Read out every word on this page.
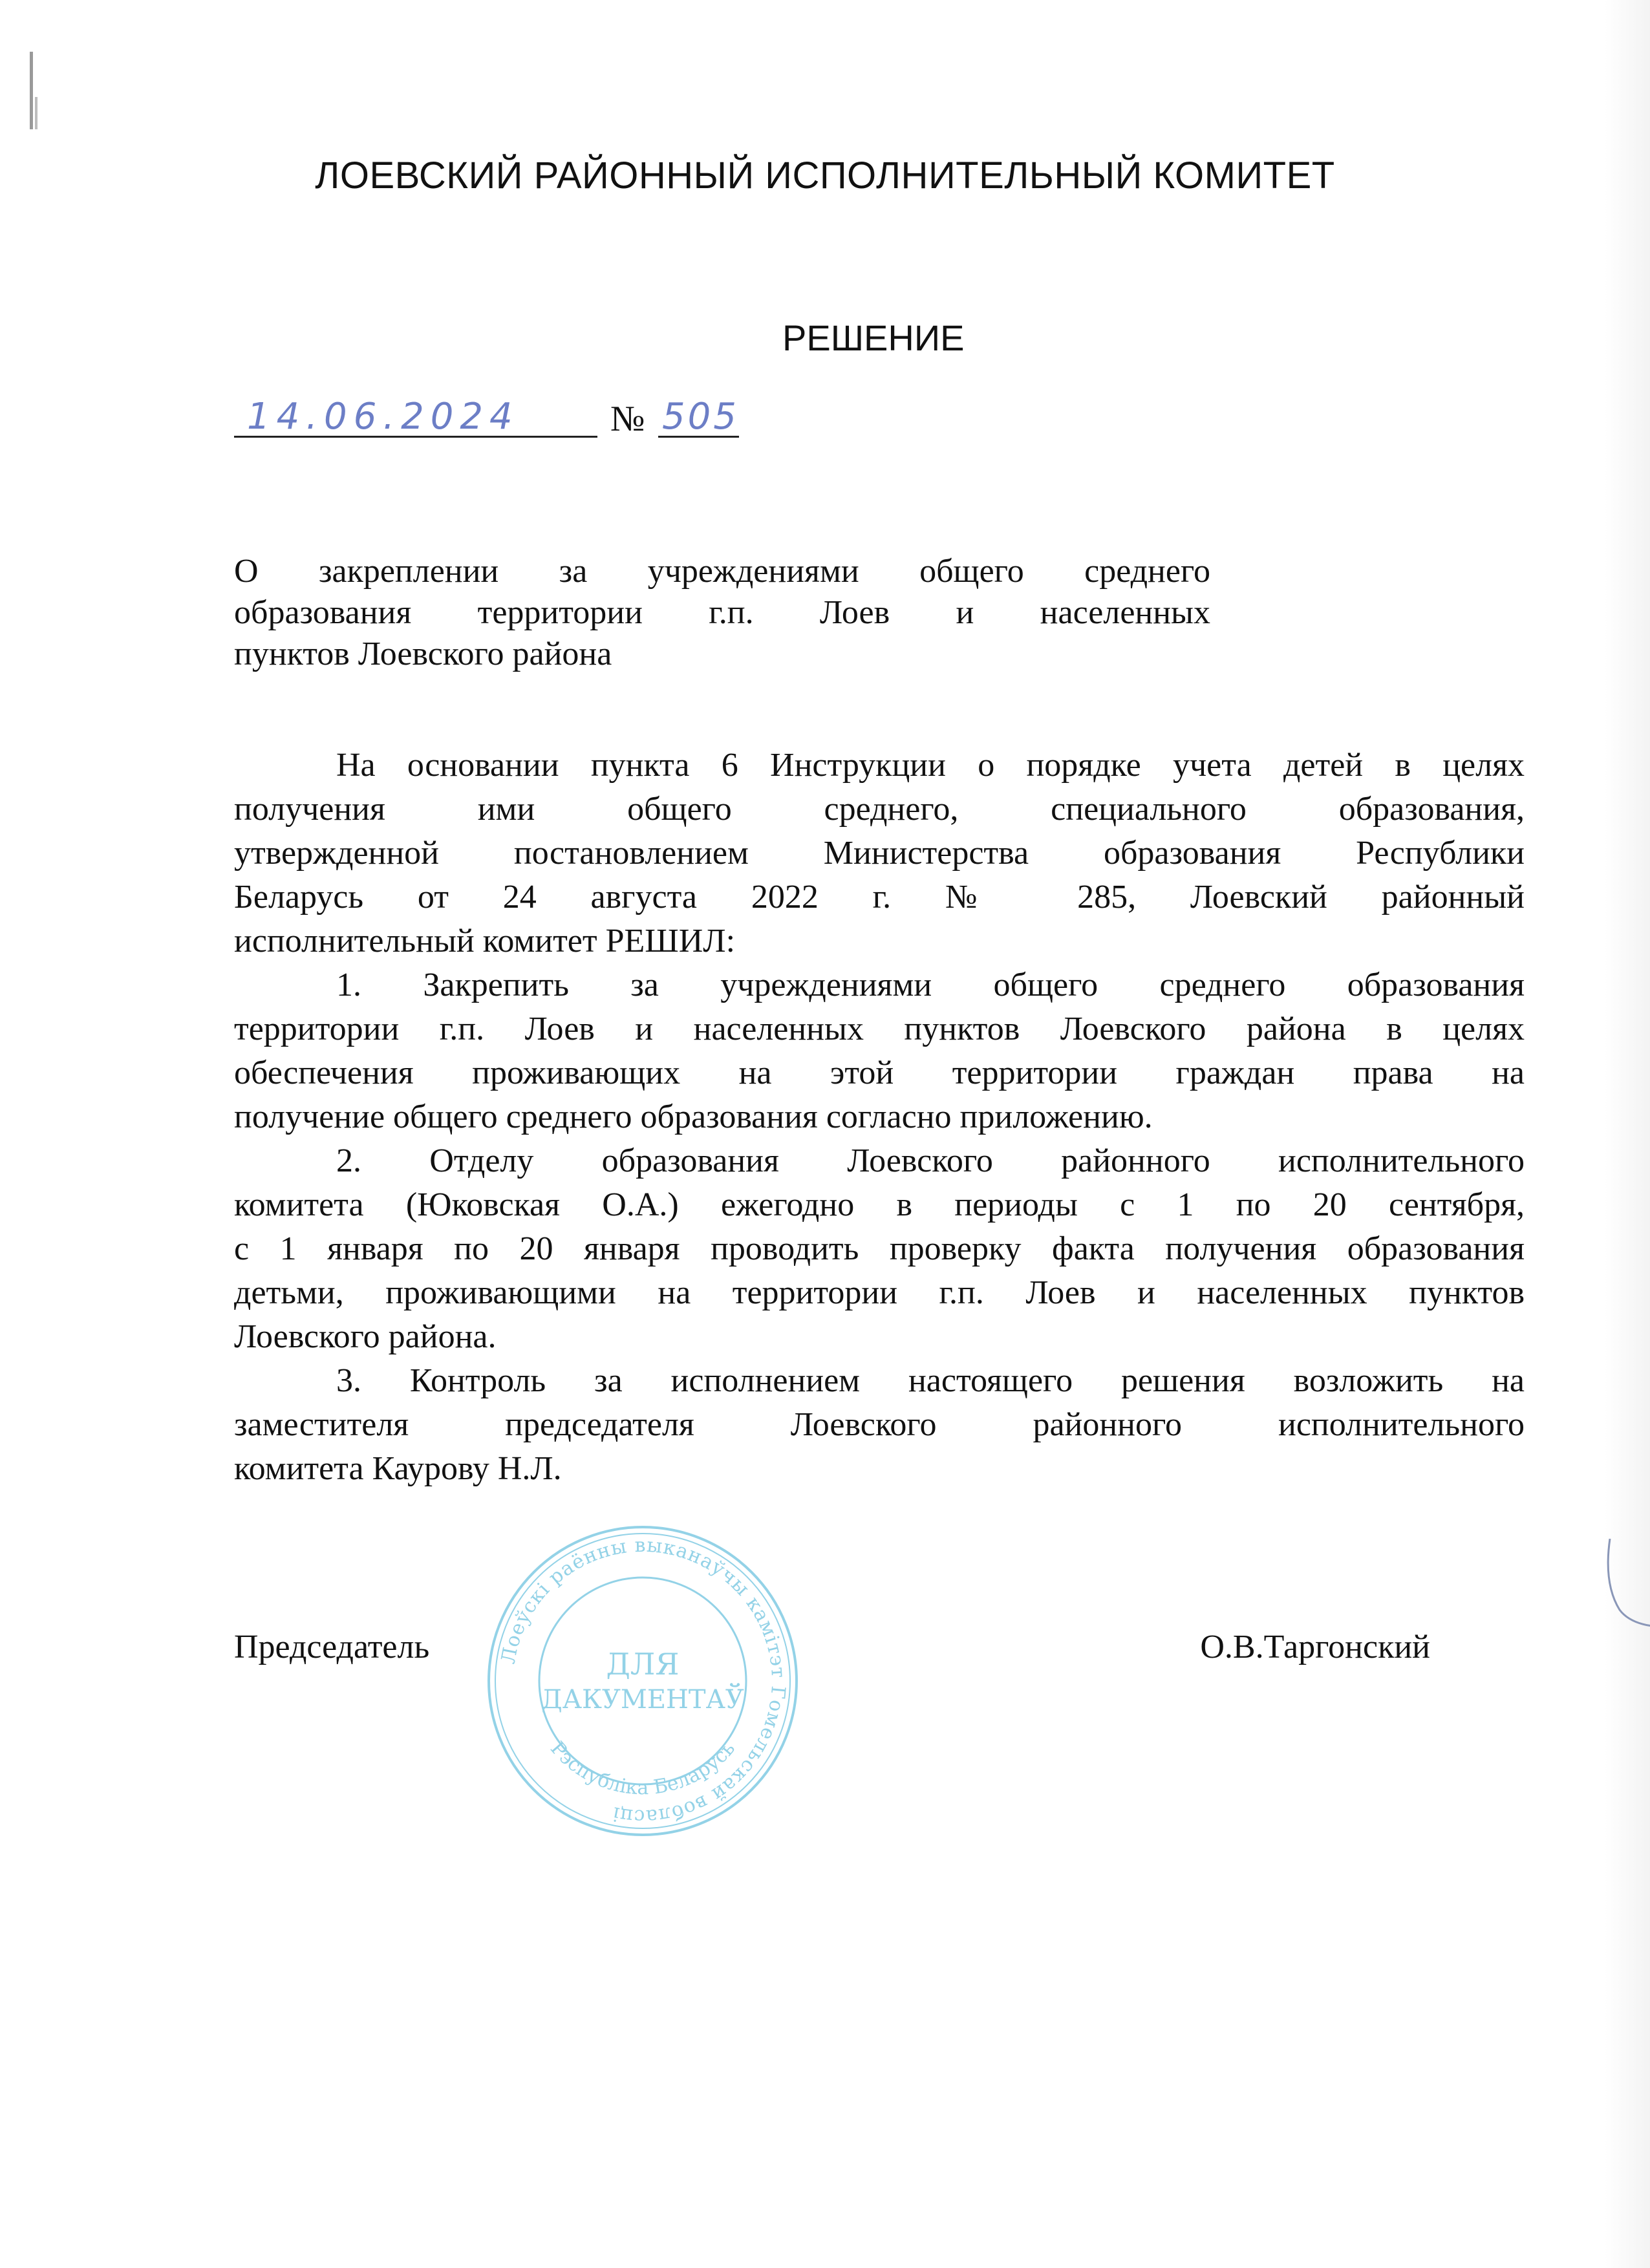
ЛОЕВСКИЙ РАЙОННЫЙ ИСПОЛНИТЕЛЬНЫЙ КОМИТЕТ
РЕШЕНИЕ
14.06.2024	№ 505
О закреплении за учреждениями общего среднего
образования территории г.п. Лоев и населенных
пунктов Лоевского района
На основании пункта 6 Инструкции о порядке учета детей в целях
получения ими общего среднего, специального образования,
утвержденной постановлением Министерства образования Республики
Беларусь от 24 августа 2022 г. № 285, Лоевский районный
исполнительный комитет РЕШИЛ:
1. Закрепить за учреждениями общего среднего образования
территории г.п. Лоев и населенных пунктов Лоевского района в целях
обеспечения проживающих на этой территории граждан права на
получение общего среднего образования согласно приложению.
2. Отделу образования Лоевского районного исполнительного
комитета (Юковская О.А.) ежегодно в периоды с 1 по 20 сентября,
с 1 января по 20 января проводить проверку факта получения образования
детьми, проживающими на территории г.п. Лоев и населенных пунктов
Лоевского района.
3. Контроль за исполнением настоящего решения возложить на
заместителя председателя Лоевского районного исполнительного
комитета Каурову Н.Л.
Председатель	О.В.Таргонский
Лоеўскі раённы выканаўчы камітэт Гомельскай вобласці
Рэспубліка Беларусь
ДЛЯ
ДАКУМЕНТАЎ
